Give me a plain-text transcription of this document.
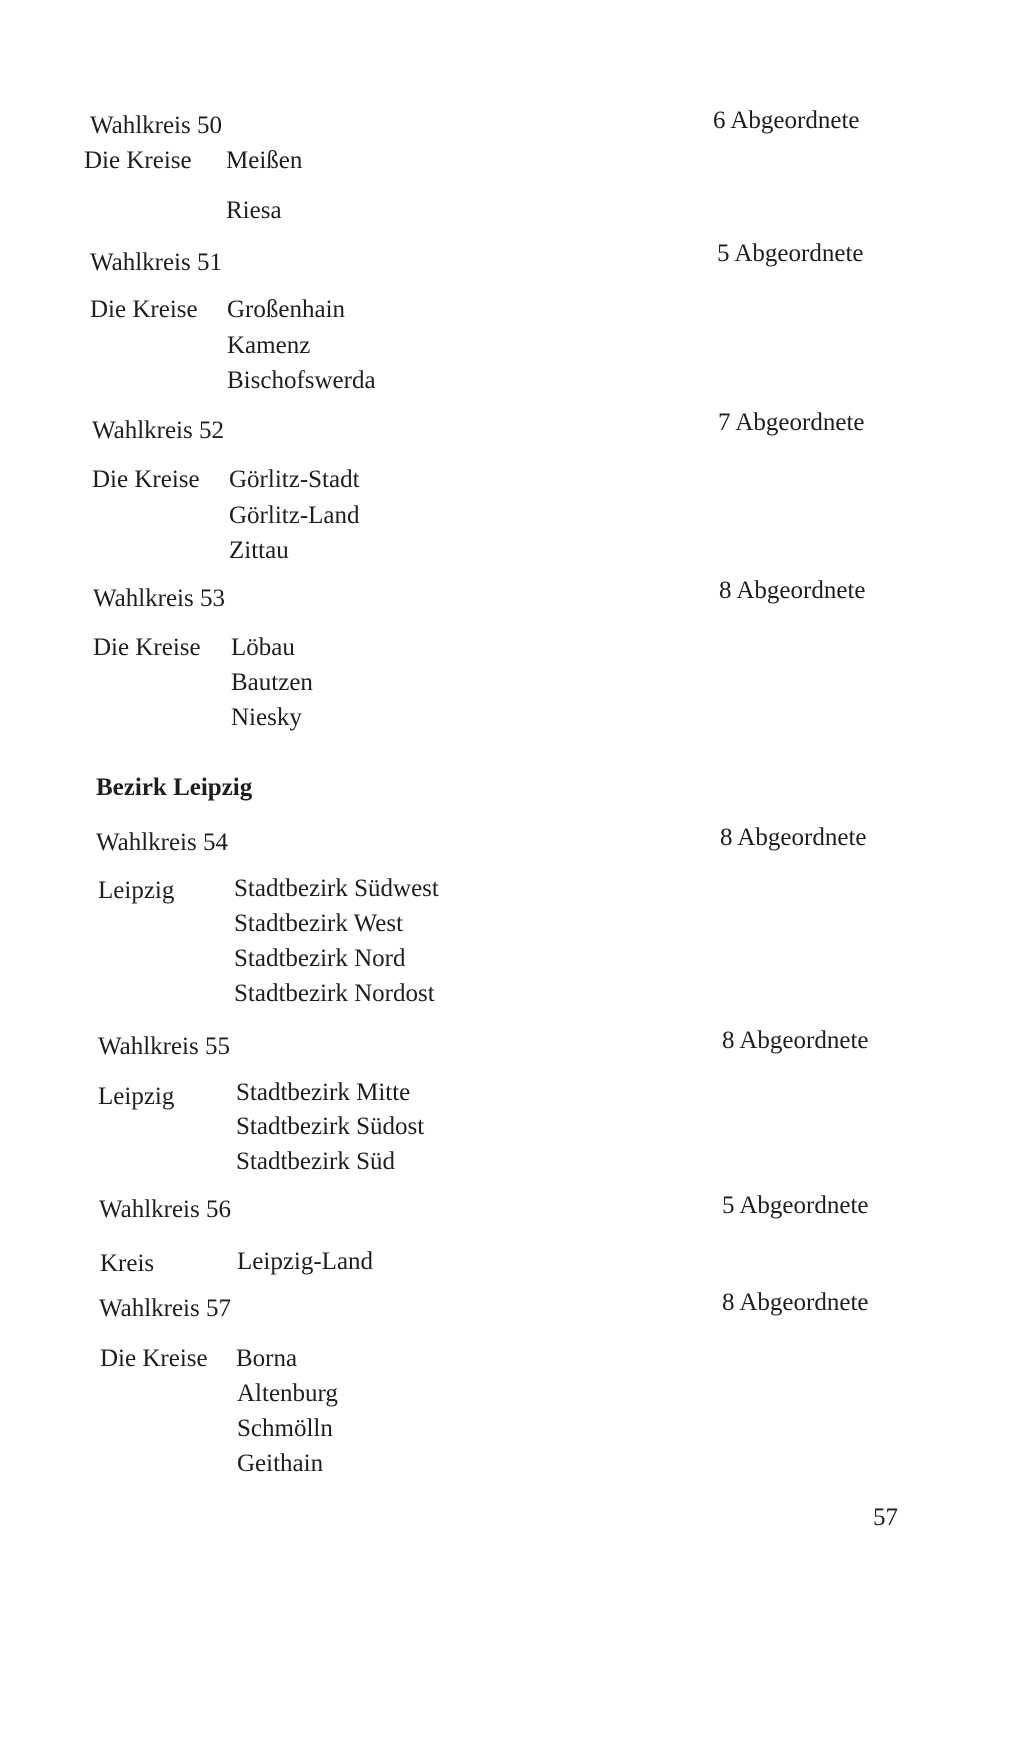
Wahlkreis 50	6 Abgeordnete
Die Kreise Meißen
Riesa
Wahlkreis 51	5 Abgeordnete
Die Kreise Großenhain
Kamenz
Bischofswerda
Wahlkreis 52	7 Abgeordnete
Die Kreise Görlitz-Stadt
Görlitz-Land
Zittau
Wahlkreis 53	8 Abgeordnete
Die Kreise Löbau
Bautzen
Niesky
Bezirk Leipzig
Wahlkreis 54	8 Abgeordnete
Leipzig Stadtbezirk Südwest
Stadtbezirk West
Stadtbezirk Nord
Stadtbezirk Nordost
Wahlkreis 55	8 Abgeordnete
Leipzig Stadtbezirk Mitte
Stadtbezirk Südost
Stadtbezirk Süd
Wahlkreis 56	5 Abgeordnete
Kreis	Leipzig-Land
Wahlkreis 57	8 Abgeordnete
Die Kreise Borna
Altenburg
Schmölln
Geithain
57
